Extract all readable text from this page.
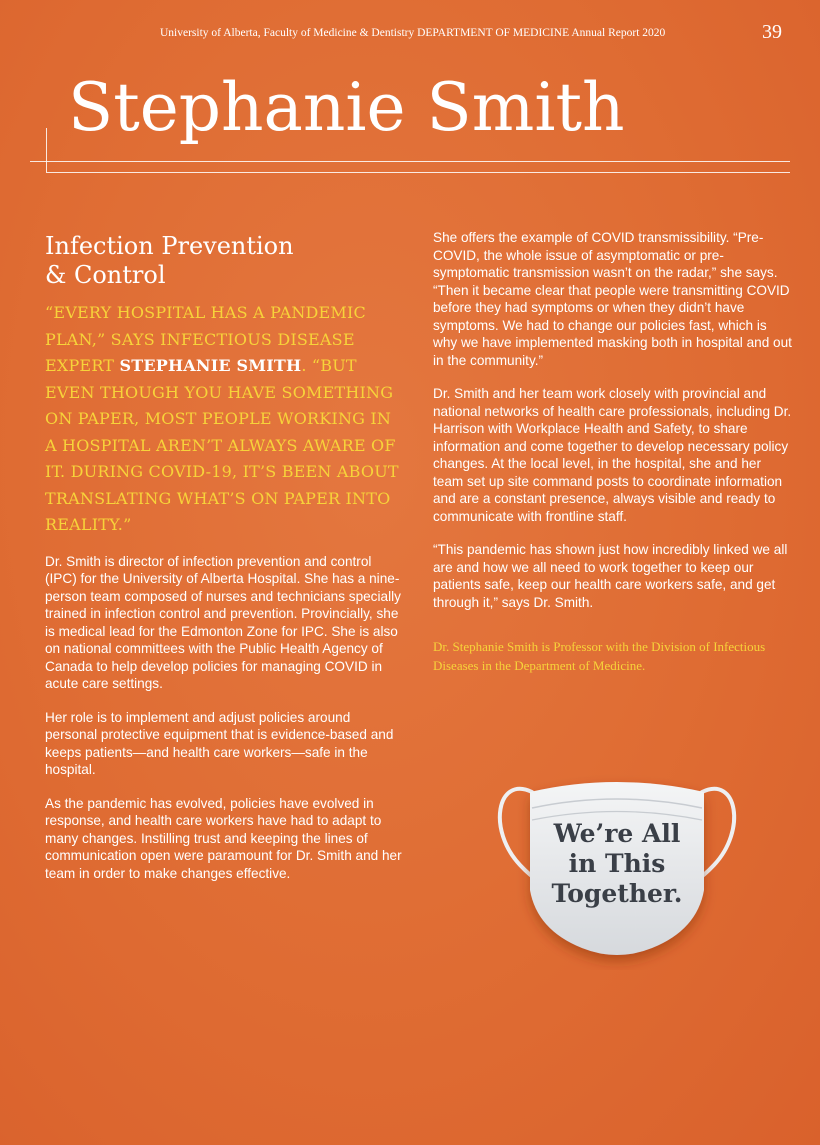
University of Alberta, Faculty of Medicine & Dentistry DEPARTMENT OF MEDICINE Annual Report 2020	39
Stephanie Smith
Infection Prevention
& Control

“EVERY HOSPITAL HAS A PANDEMIC PLAN,” SAYS INFECTIOUS DISEASE EXPERT STEPHANIE SMITH. “BUT EVEN THOUGH YOU HAVE SOMETHING ON PAPER, MOST PEOPLE WORKING IN A HOSPITAL AREN’T ALWAYS AWARE OF IT. DURING COVID-19, IT’S BEEN ABOUT TRANSLATING WHAT’S ON PAPER INTO REALITY.”

Dr. Smith is director of infection prevention and control (IPC) for the University of Alberta Hospital. She has a nine-person team composed of nurses and technicians specially trained in infection control and prevention. Provincially, she is medical lead for the Edmonton Zone for IPC. She is also on national committees with the Public Health Agency of Canada to help develop policies for managing COVID in acute care settings.

Her role is to implement and adjust policies around personal protective equipment that is evidence-based and keeps patients—and health care workers—safe in the hospital.

As the pandemic has evolved, policies have evolved in response, and health care workers have had to adapt to many changes. Instilling trust and keeping the lines of communication open were paramount for Dr. Smith and her team in order to make changes effective.

She offers the example of COVID transmissibility. “Pre-COVID, the whole issue of asymptomatic or pre-symptomatic transmission wasn’t on the radar,” she says. “Then it became clear that people were transmitting COVID before they had symptoms or when they didn’t have symptoms. We had to change our policies fast, which is why we have implemented masking both in hospital and out in the community.”

Dr. Smith and her team work closely with provincial and national networks of health care professionals, including Dr. Harrison with Workplace Health and Safety, to share information and come together to develop necessary policy changes. At the local level, in the hospital, she and her team set up site command posts to coordinate information and are a constant presence, always visible and ready to communicate with frontline staff.

“This pandemic has shown just how incredibly linked we all are and how we all need to work together to keep our patients safe, keep our health care workers safe, and get through it,” says Dr. Smith.

Dr. Stephanie Smith is Professor with the Division of Infectious Diseases in the Department of Medicine.

We’re All
in This
Together.
